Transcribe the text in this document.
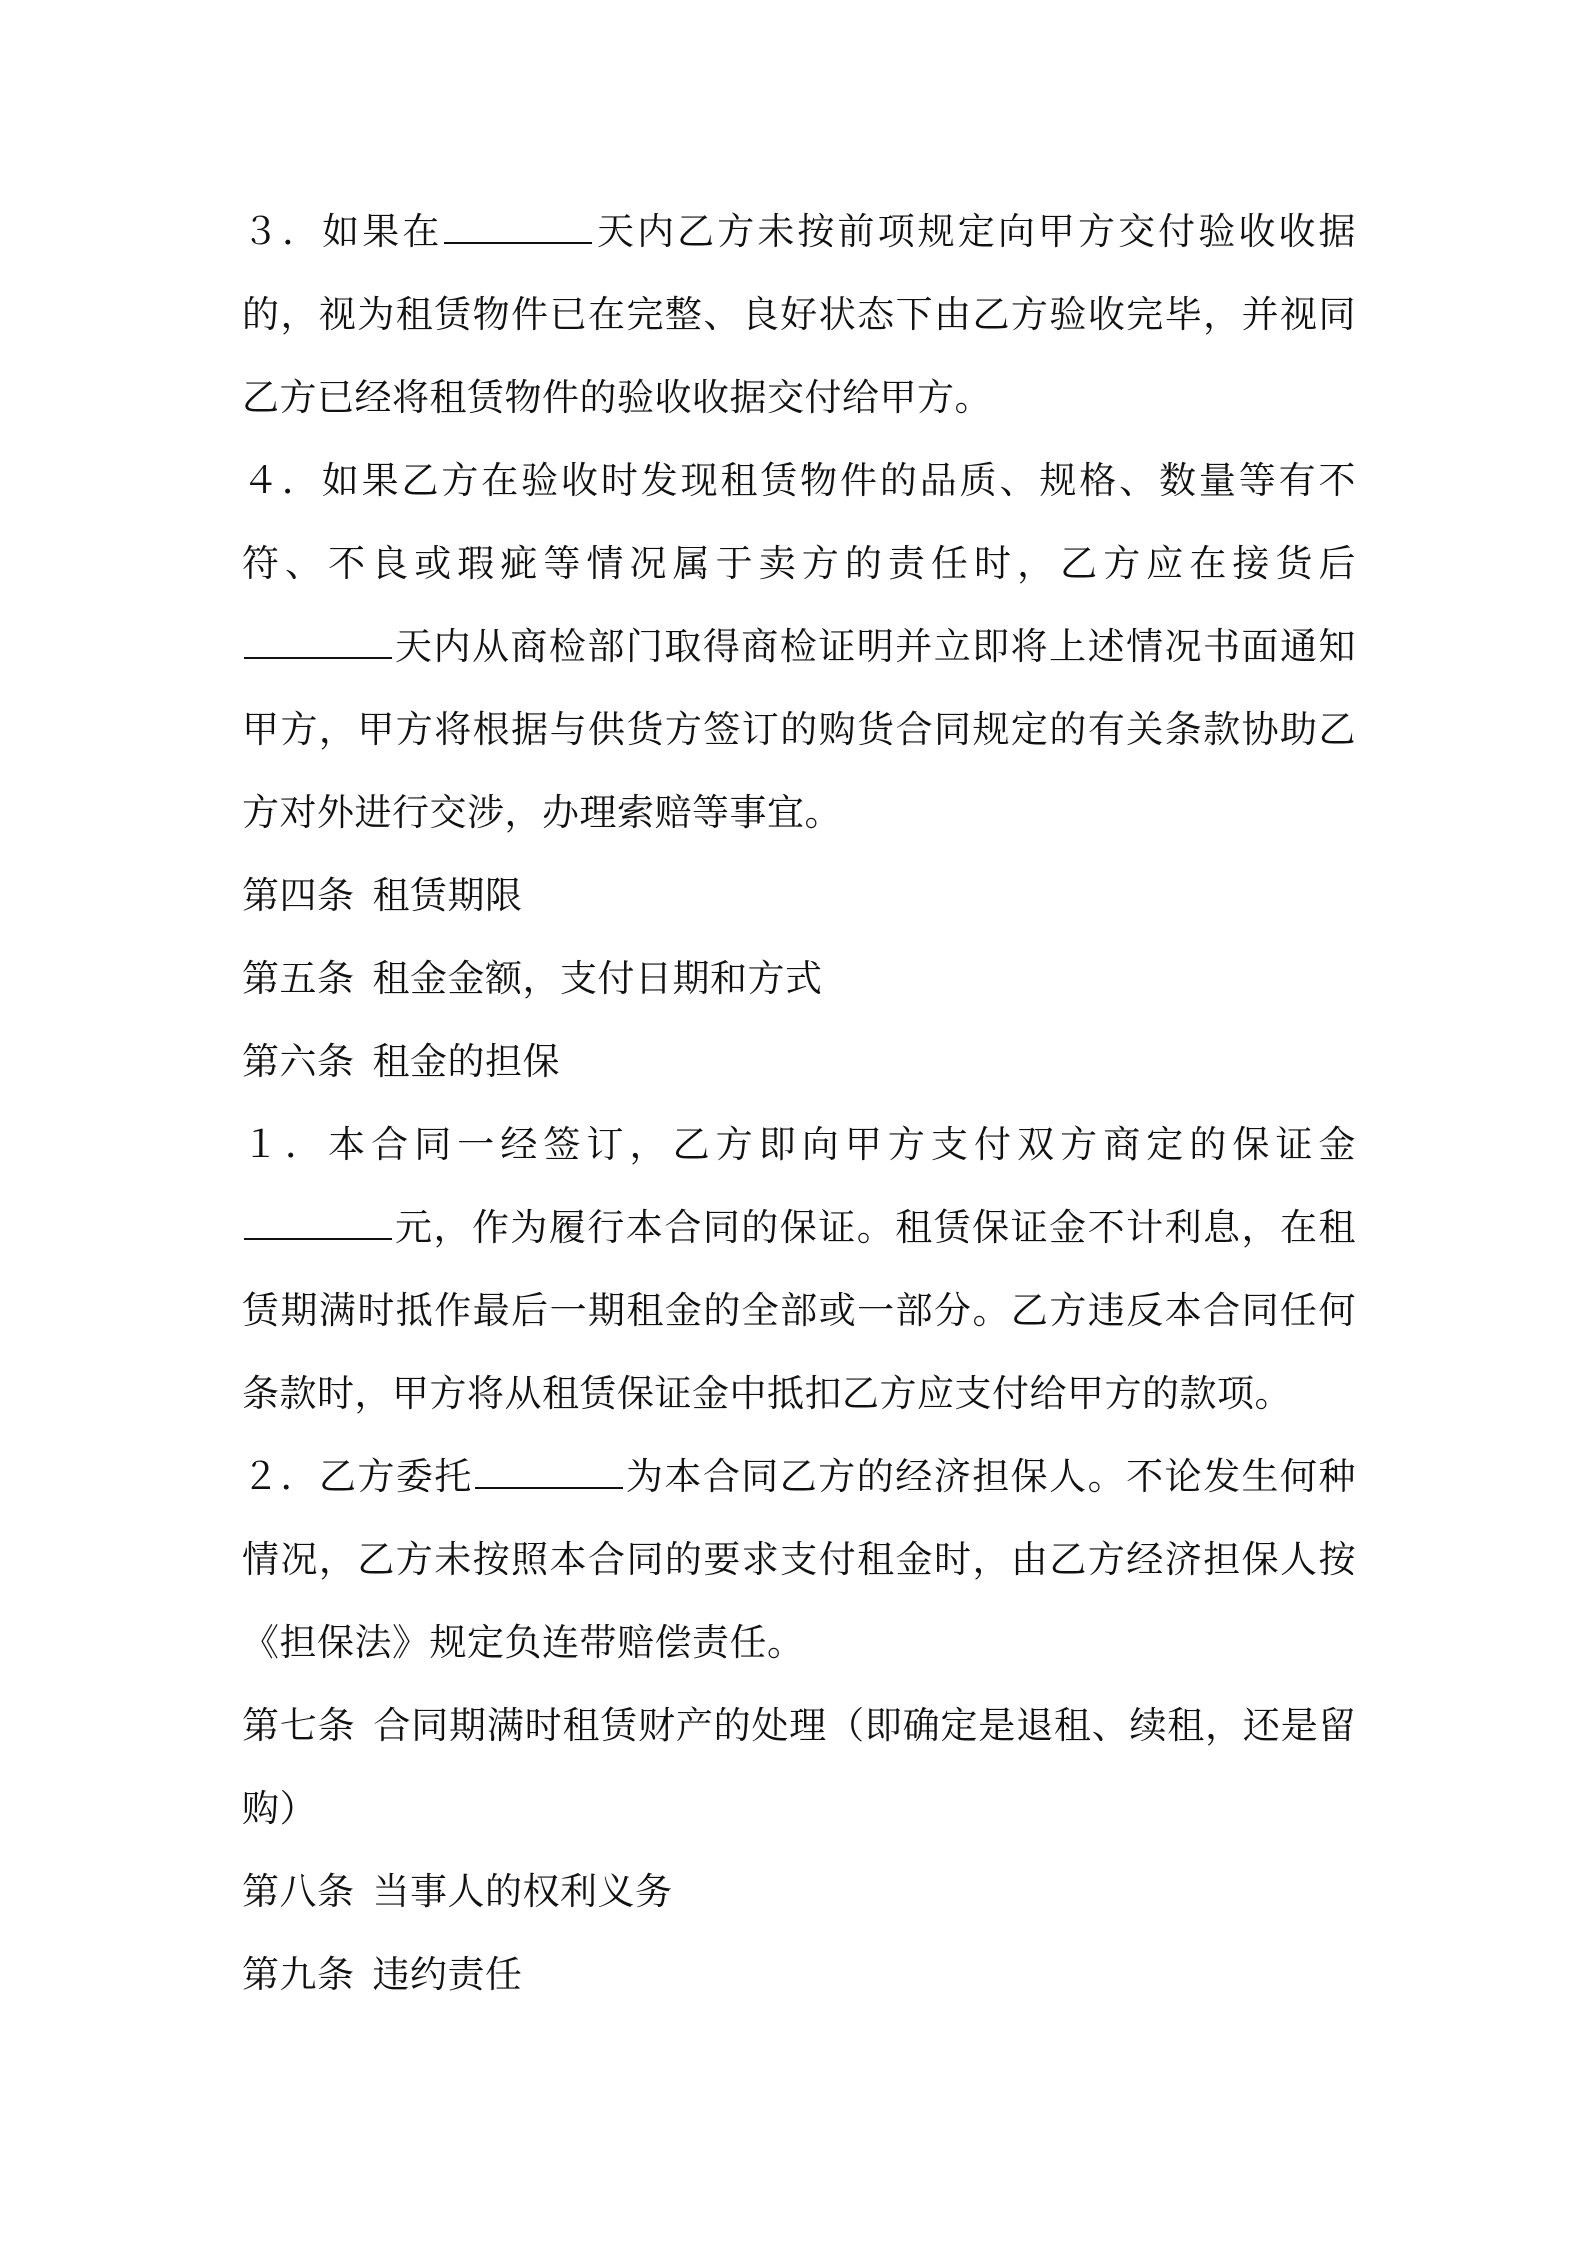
３．如果在	天内乙方未按前项规定向甲方交付验收收据的，视为租赁物件已在完整、良好状态下由乙方验收完毕，并视同乙方已经将租赁物件的验收收据交付给甲方。

４．如果乙方在验收时发现租赁物件的品质、规格、数量等有不符、不良或瑕疵等情况属于卖方的责任时，乙方应在接货后天内从商检部门取得商检证明并立即将上述情况书面通知甲方，甲方将根据与供货方签订的购货合同规定的有关条款协助乙方对外进行交涉，办理索赔等事宜。

第四条 租赁期限

第五条 租金金额，支付日期和方式

第六条 租金的担保

１．本合同一经签订，乙方即向甲方支付双方商定的保证金元，作为履行本合同的保证。租赁保证金不计利息，在租赁期满时抵作最后一期租金的全部或一部分。乙方违反本合同任何条款时，甲方将从租赁保证金中抵扣乙方应支付给甲方的款项。

２．乙方委托	为本合同乙方的经济担保人。不论发生何种情况，乙方未按照本合同的要求支付租金时，由乙方经济担保人按《担保法》规定负连带赔偿责任。

第七条 合同期满时租赁财产的处理（即确定是退租、续租，还是留购）

第八条 当事人的权利义务

第九条 违约责任
